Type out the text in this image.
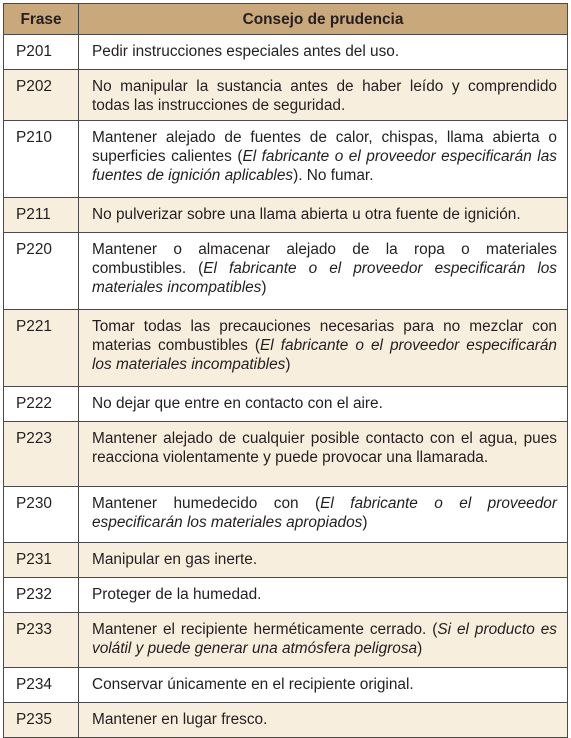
Frase	Consejo de prudencia
P201	Pedir instrucciones especiales antes del uso.
P202	No manipular la sustancia antes de haber leído y comprendido todas las instrucciones de seguridad.
P210	Mantener alejado de fuentes de calor, chispas, llama abierta o superficies calientes (El fabricante o el proveedor especificarán las fuentes de ignición aplicables). No fumar.
P211	No pulverizar sobre una llama abierta u otra fuente de ignición.
P220	Mantener o almacenar alejado de la ropa o materiales combustibles. (El fabricante o el proveedor especificarán los materiales incompatibles)
P221	Tomar todas las precauciones necesarias para no mezclar con materias combustibles (El fabricante o el proveedor especificarán los materiales incompatibles)
P222	No dejar que entre en contacto con el aire.
P223	Mantener alejado de cualquier posible contacto con el agua, pues reacciona violentamente y puede provocar una llamarada.
P230	Mantener humedecido con (El fabricante o el proveedor especificarán los materiales apropiados)
P231	Manipular en gas inerte.
P232	Proteger de la humedad.
P233	Mantener el recipiente herméticamente cerrado. (Si el producto es volátil y puede generar una atmósfera peligrosa)
P234	Conservar únicamente en el recipiente original.
P235	Mantener en lugar fresco.
